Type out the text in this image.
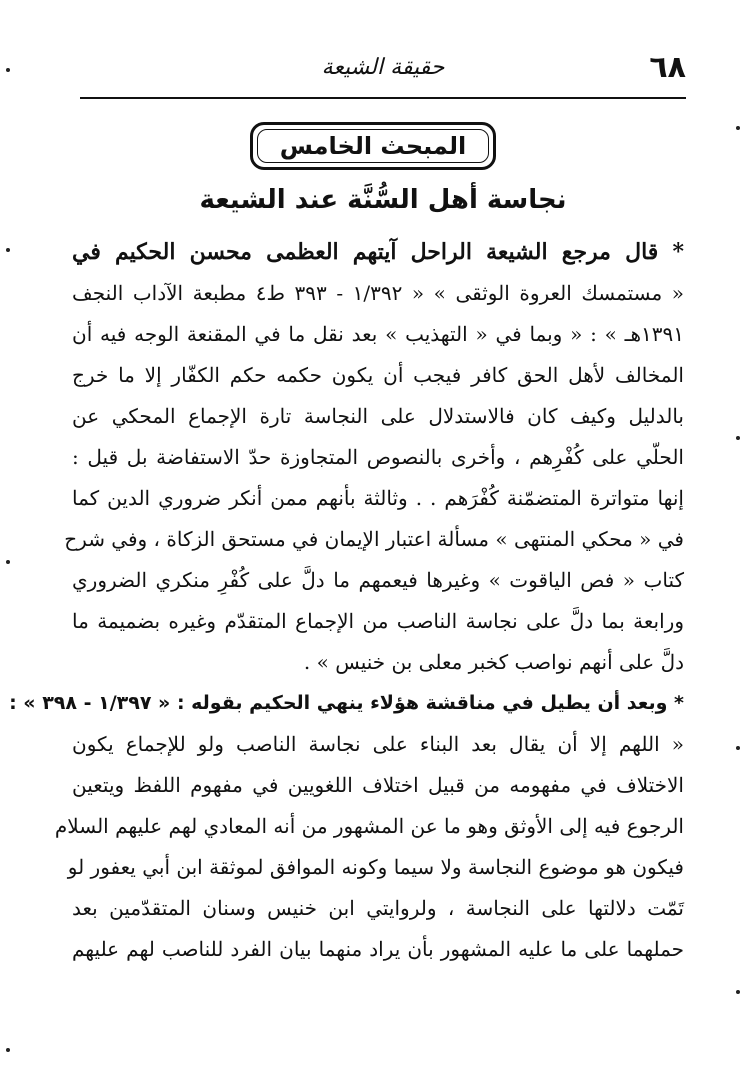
٦٨
حقيقة الشيعة
المبحث الخامس
نجاسة أهل السُّنَّة عند الشيعة
* قال مرجع الشيعة الراحل آيتهم العظمى محسن الحكيم في
« مستمسك العروة الوثقى » « ١/٣٩٢ - ٣٩٣ ط٤ مطبعة الآداب النجف
١٣٩١هـ » : « وبما في « التهذيب » بعد نقل ما في المقنعة الوجه فيه أن
المخالف لأهل الحق كافر فيجب أن يكون حكمه حكم الكفّار إلا ما خرج
بالدليل وكيف كان فالاستدلال على النجاسة تارة الإجماع المحكي عن
الحلّي على كُفْرِهم ، وأخرى بالنصوص المتجاوزة حدّ الاستفاضة بل قيل :
إنها متواترة المتضمّنة كُفْرَهم . . وثالثة بأنهم ممن أنكر ضروري الدين كما
في « محكي المنتهى » مسألة اعتبار الإيمان في مستحق الزكاة ، وفي شرح
كتاب « فص الياقوت » وغيرها فيعمهم ما دلَّ على كُفْرِ منكري الضروري
ورابعة بما دلَّ على نجاسة الناصب من الإجماع المتقدّم وغيره بضميمة ما
دلَّ على أنهم نواصب كخبر معلى بن خنيس » .
* وبعد أن يطيل في مناقشة هؤلاء ينهي الحكيم بقوله : « ١/٣٩٧ - ٣٩٨ » :
« اللهم إلا أن يقال بعد البناء على نجاسة الناصب ولو للإجماع يكون
الاختلاف في مفهومه من قبيل اختلاف اللغويين في مفهوم اللفظ ويتعين
الرجوع فيه إلى الأوثق وهو ما عن المشهور من أنه المعادي لهم عليهم السلام
فيكون هو موضوع النجاسة ولا سيما وكونه الموافق لموثقة ابن أبي يعفور لو
تَمّت دلالتها على النجاسة ، ولروايتي ابن خنيس وسنان المتقدّمين بعد
حملهما على ما عليه المشهور بأن يراد منهما بيان الفرد للناصب لهم عليهم
